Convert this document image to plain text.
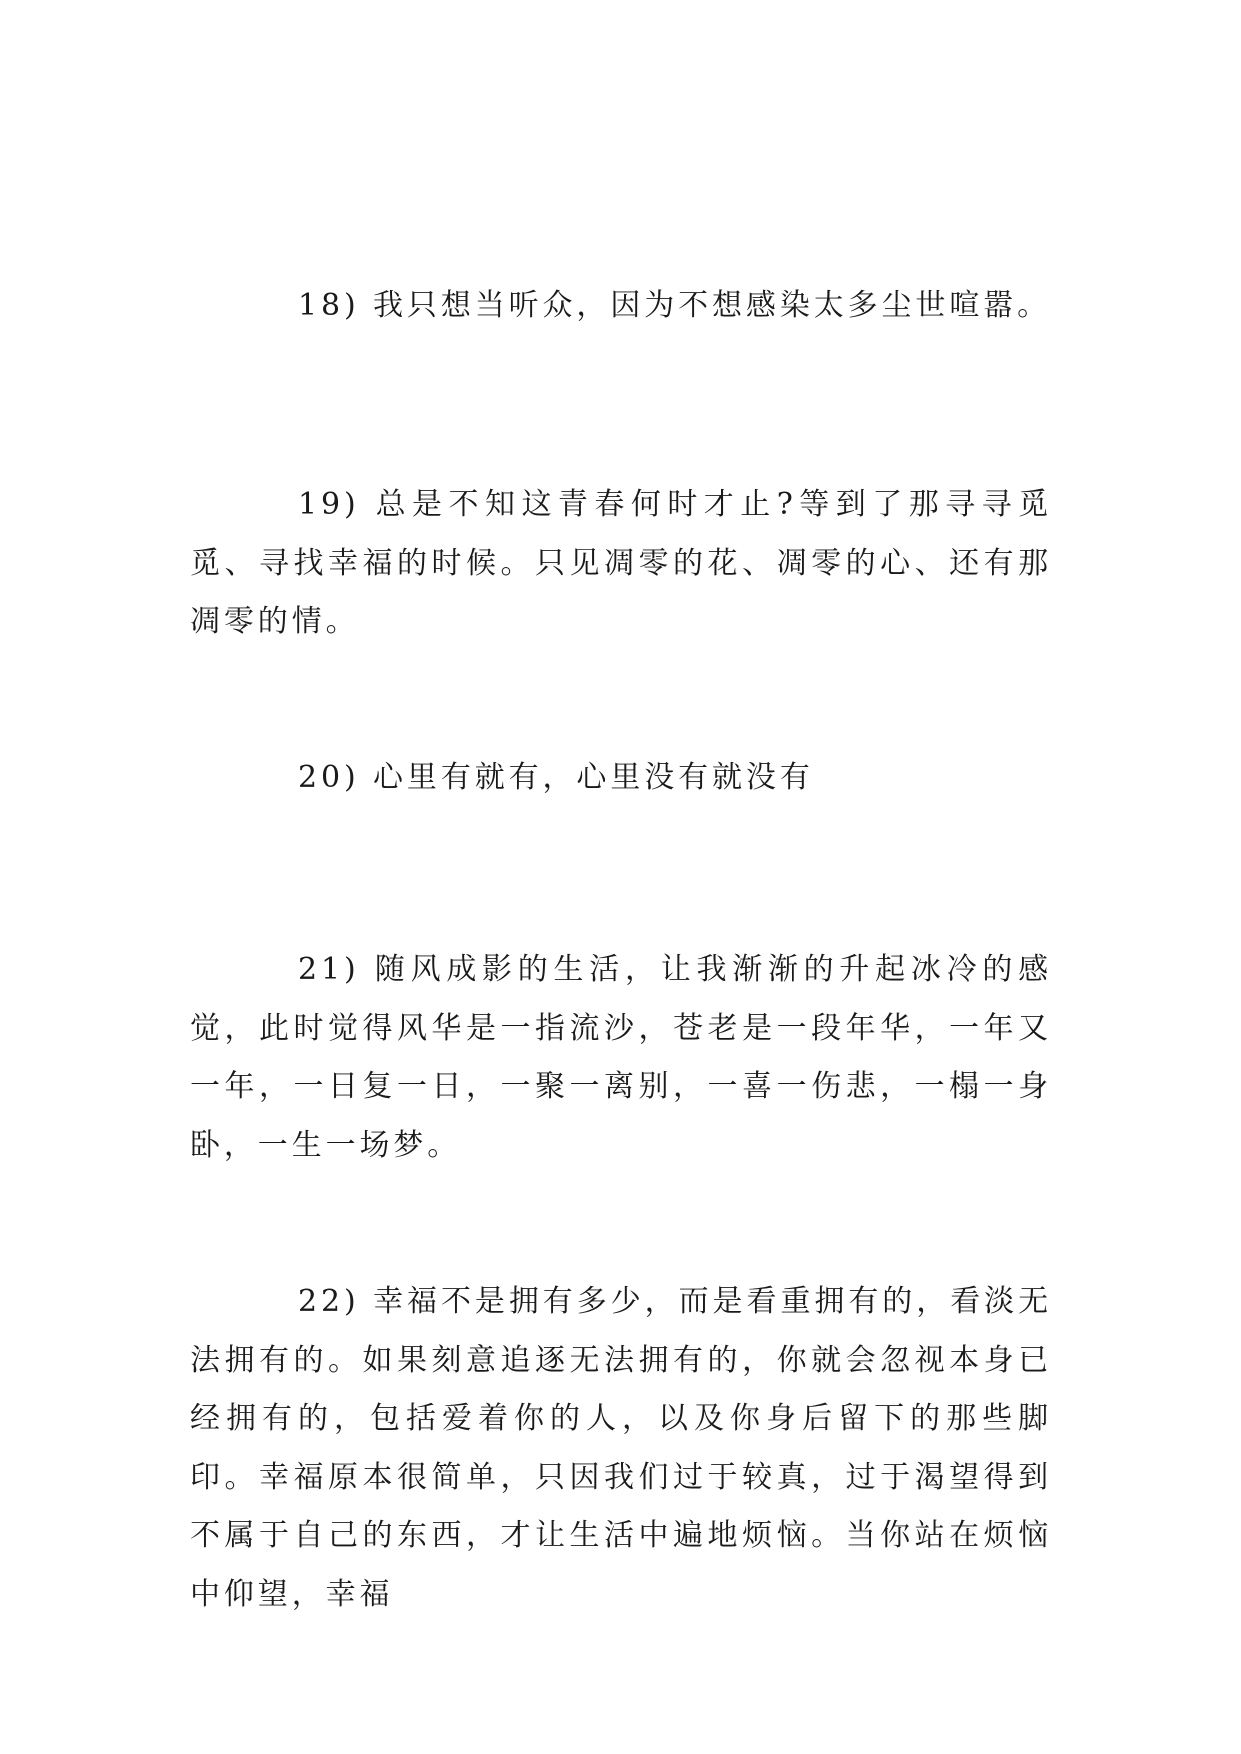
18) 我只想当听众，因为不想感染太多尘世喧嚣。

19) 总是不知这青春何时才止?等到了那寻寻觅觅、寻找幸福的时候。只见凋零的花、凋零的心、还有那凋零的情。

20) 心里有就有，心里没有就没有

21) 随风成影的生活，让我渐渐的升起冰冷的感觉，此时觉得风华是一指流沙，苍老是一段年华，一年又一年，一日复一日，一聚一离别，一喜一伤悲，一榻一身卧，一生一场梦。

22) 幸福不是拥有多少，而是看重拥有的，看淡无法拥有的。如果刻意追逐无法拥有的，你就会忽视本身已经拥有的，包括爱着你的人，以及你身后留下的那些脚印。幸福原本很简单，只因我们过于较真，过于渴望得到不属于自己的东西，才让生活中遍地烦恼。当你站在烦恼中仰望，幸福
